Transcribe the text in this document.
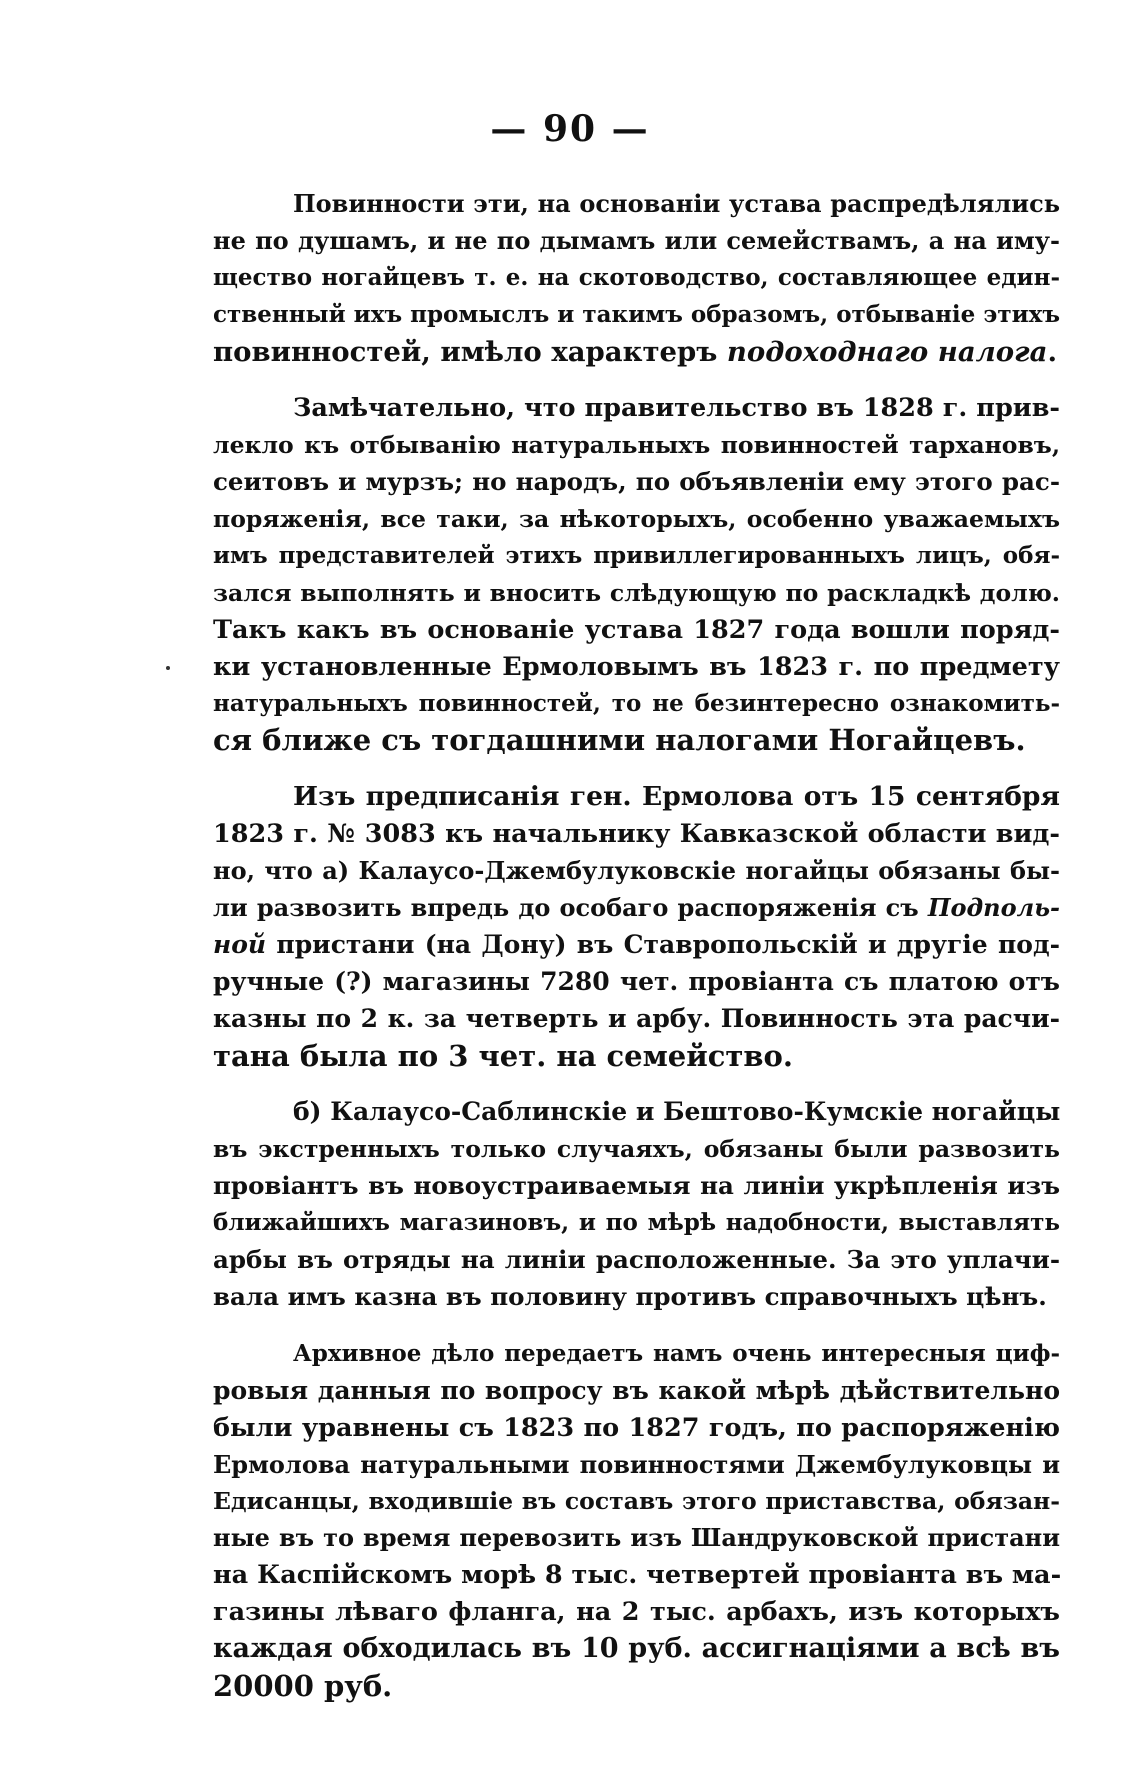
— 90 —
Повинности эти, на основаніи устава распредѣлялись
не по душамъ, и не по дымамъ или семействамъ, а на иму-
щество ногайцевъ т. е. на скотоводство, составляющее един-
ственный ихъ промыслъ и такимъ образомъ, отбываніе этихъ
повинностей, имѣло характеръ подоходнаго налога.
Замѣчательно, что правительство въ 1828 г. прив-
лекло къ отбыванію натуральныхъ повинностей тархановъ,
сеитовъ и мурзъ; но народъ, по объявленіи ему этого рас-
поряженія, все таки, за нѣкоторыхъ, особенно уважаемыхъ
имъ представителей этихъ привиллегированныхъ лицъ, обя-
зался выполнять и вносить слѣдующую по раскладкѣ долю.
Такъ какъ въ основаніе устава 1827 года вошли поряд-
ки установленные Ермоловымъ въ 1823 г. по предмету
натуральныхъ повинностей, то не безинтересно ознакомить-
ся ближе съ тогдашними налогами Ногайцевъ.
Изъ предписанія ген. Ермолова отъ 15 сентября
1823 г. № 3083 къ начальнику Кавказской области вид-
но, что а) Калаусо-Джембулуковскіе ногайцы обязаны бы-
ли развозить впредь до особаго распоряженія съ Подполь-
ной пристани (на Дону) въ Ставропольскій и другіе под-
ручные (?) магазины 7280 чет. провіанта съ платою отъ
казны по 2 к. за четверть и арбу. Повинность эта расчи-
тана была по 3 чет. на семейство.
б) Калаусо-Саблинскіе и Бештово-Кумскіе ногайцы
въ экстренныхъ только случаяхъ, обязаны были развозить
провіантъ въ новоустраиваемыя на линіи укрѣпленія изъ
ближайшихъ магазиновъ, и по мѣрѣ надобности, выставлять
арбы въ отряды на линіи расположенные. За это уплачи-
вала имъ казна въ половину противъ справочныхъ цѣнъ.
Архивное дѣло передаетъ намъ очень интересныя циф-
ровыя данныя по вопросу въ какой мѣрѣ дѣйствительно
были уравнены съ 1823 по 1827 годъ, по распоряженію
Ермолова натуральными повинностями Джембулуковцы и
Едисанцы, входившіе въ составъ этого приставства, обязан-
ные въ то время перевозить изъ Шандруковской пристани
на Каспійскомъ морѣ 8 тыс. четвертей провіанта въ ма-
газины лѣваго фланга, на 2 тыс. арбахъ, изъ которыхъ
каждая обходилась въ 10 руб. ассигнаціями а всѣ въ
20000 руб.
